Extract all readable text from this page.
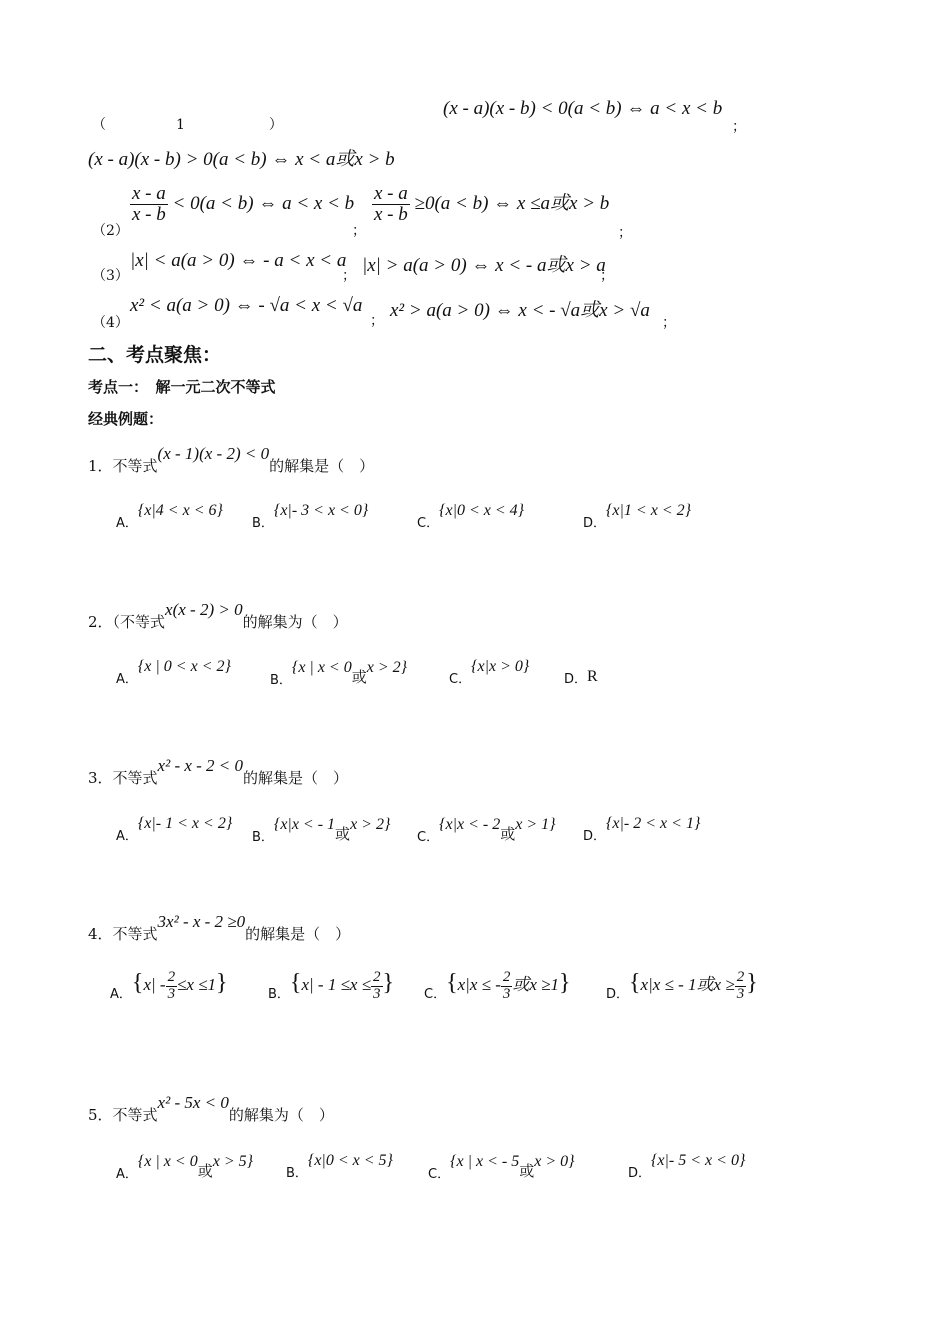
（　　　　　1　　　　　　）
(x - a)(x - b) < 0(a < b) ⇔ a < x < b
；
(x - a)(x - b) > 0(a < b) ⇔ x < a或x > b
（2）
$\frac{x - a}{x - b} < 0(a < b)$ ⇔ a < x < b
；
$\frac{x - a}{x - b} \ge 0(a < b)$ ⇔ x ≤a或x > b
；
（3）
|x| < a(a > 0) ⇔ - a < x < a
； |x| > a(a > 0) ⇔ x < - a或x > a
；
（4）
x² < a(a > 0) ⇔ - √a < x < √a
； x² > a(a > 0) ⇔ x < - √a或x > √a
；
二、考点聚焦：
考点一：　解一元二次不等式
经典例题：
1．不等式(x - 1)(x - 2) < 0的解集是（　）
$_{A.}${x|4 < x < 6}
$_{B.}${x|- 3 < x < 0}
$_{C.}${x|0 < x < 4}
$_{D.}${x|1 < x < 2}
2．（不等式x(x - 2) > 0的解集为（　）
$_{A.}${x | 0 < x < 2}
$_{B.}${x | x < 0或x > 2}
$_{C.}${x|x > 0}
$_{D.}$R
3．不等式x² - x - 2 < 0的解集是（　）
$_{A.}${x|- 1 < x < 2}
$_{B.}${x|x < - 1或x > 2}
$_{C.}${x|x < - 2或x > 1}
$_{D.}${x|- 2 < x < 1}
4．不等式3x² - x - 2 ≥0的解集是（　）
$_{A.}\{x| - \frac{2}{3} \le x \le 1\}$	$_{B.}\{x| - 1 \le x \le \frac{2}{3}$ } $_{C.}${x|x ≤ - $\frac{2}{3}$ 或x ≥1}	$_{D.}${x|x ≤ - 1或$x \ge \frac{2}{3}$ }
5．不等式x² - 5x < 0的解集为（　）
$_{A.}${x | x < 0或x > 5}
$_{B.}${x|0 < x < 5}
$_{C.}${x | x < - 5或x > 0}
$_{D.}${x|- 5 < x < 0}
